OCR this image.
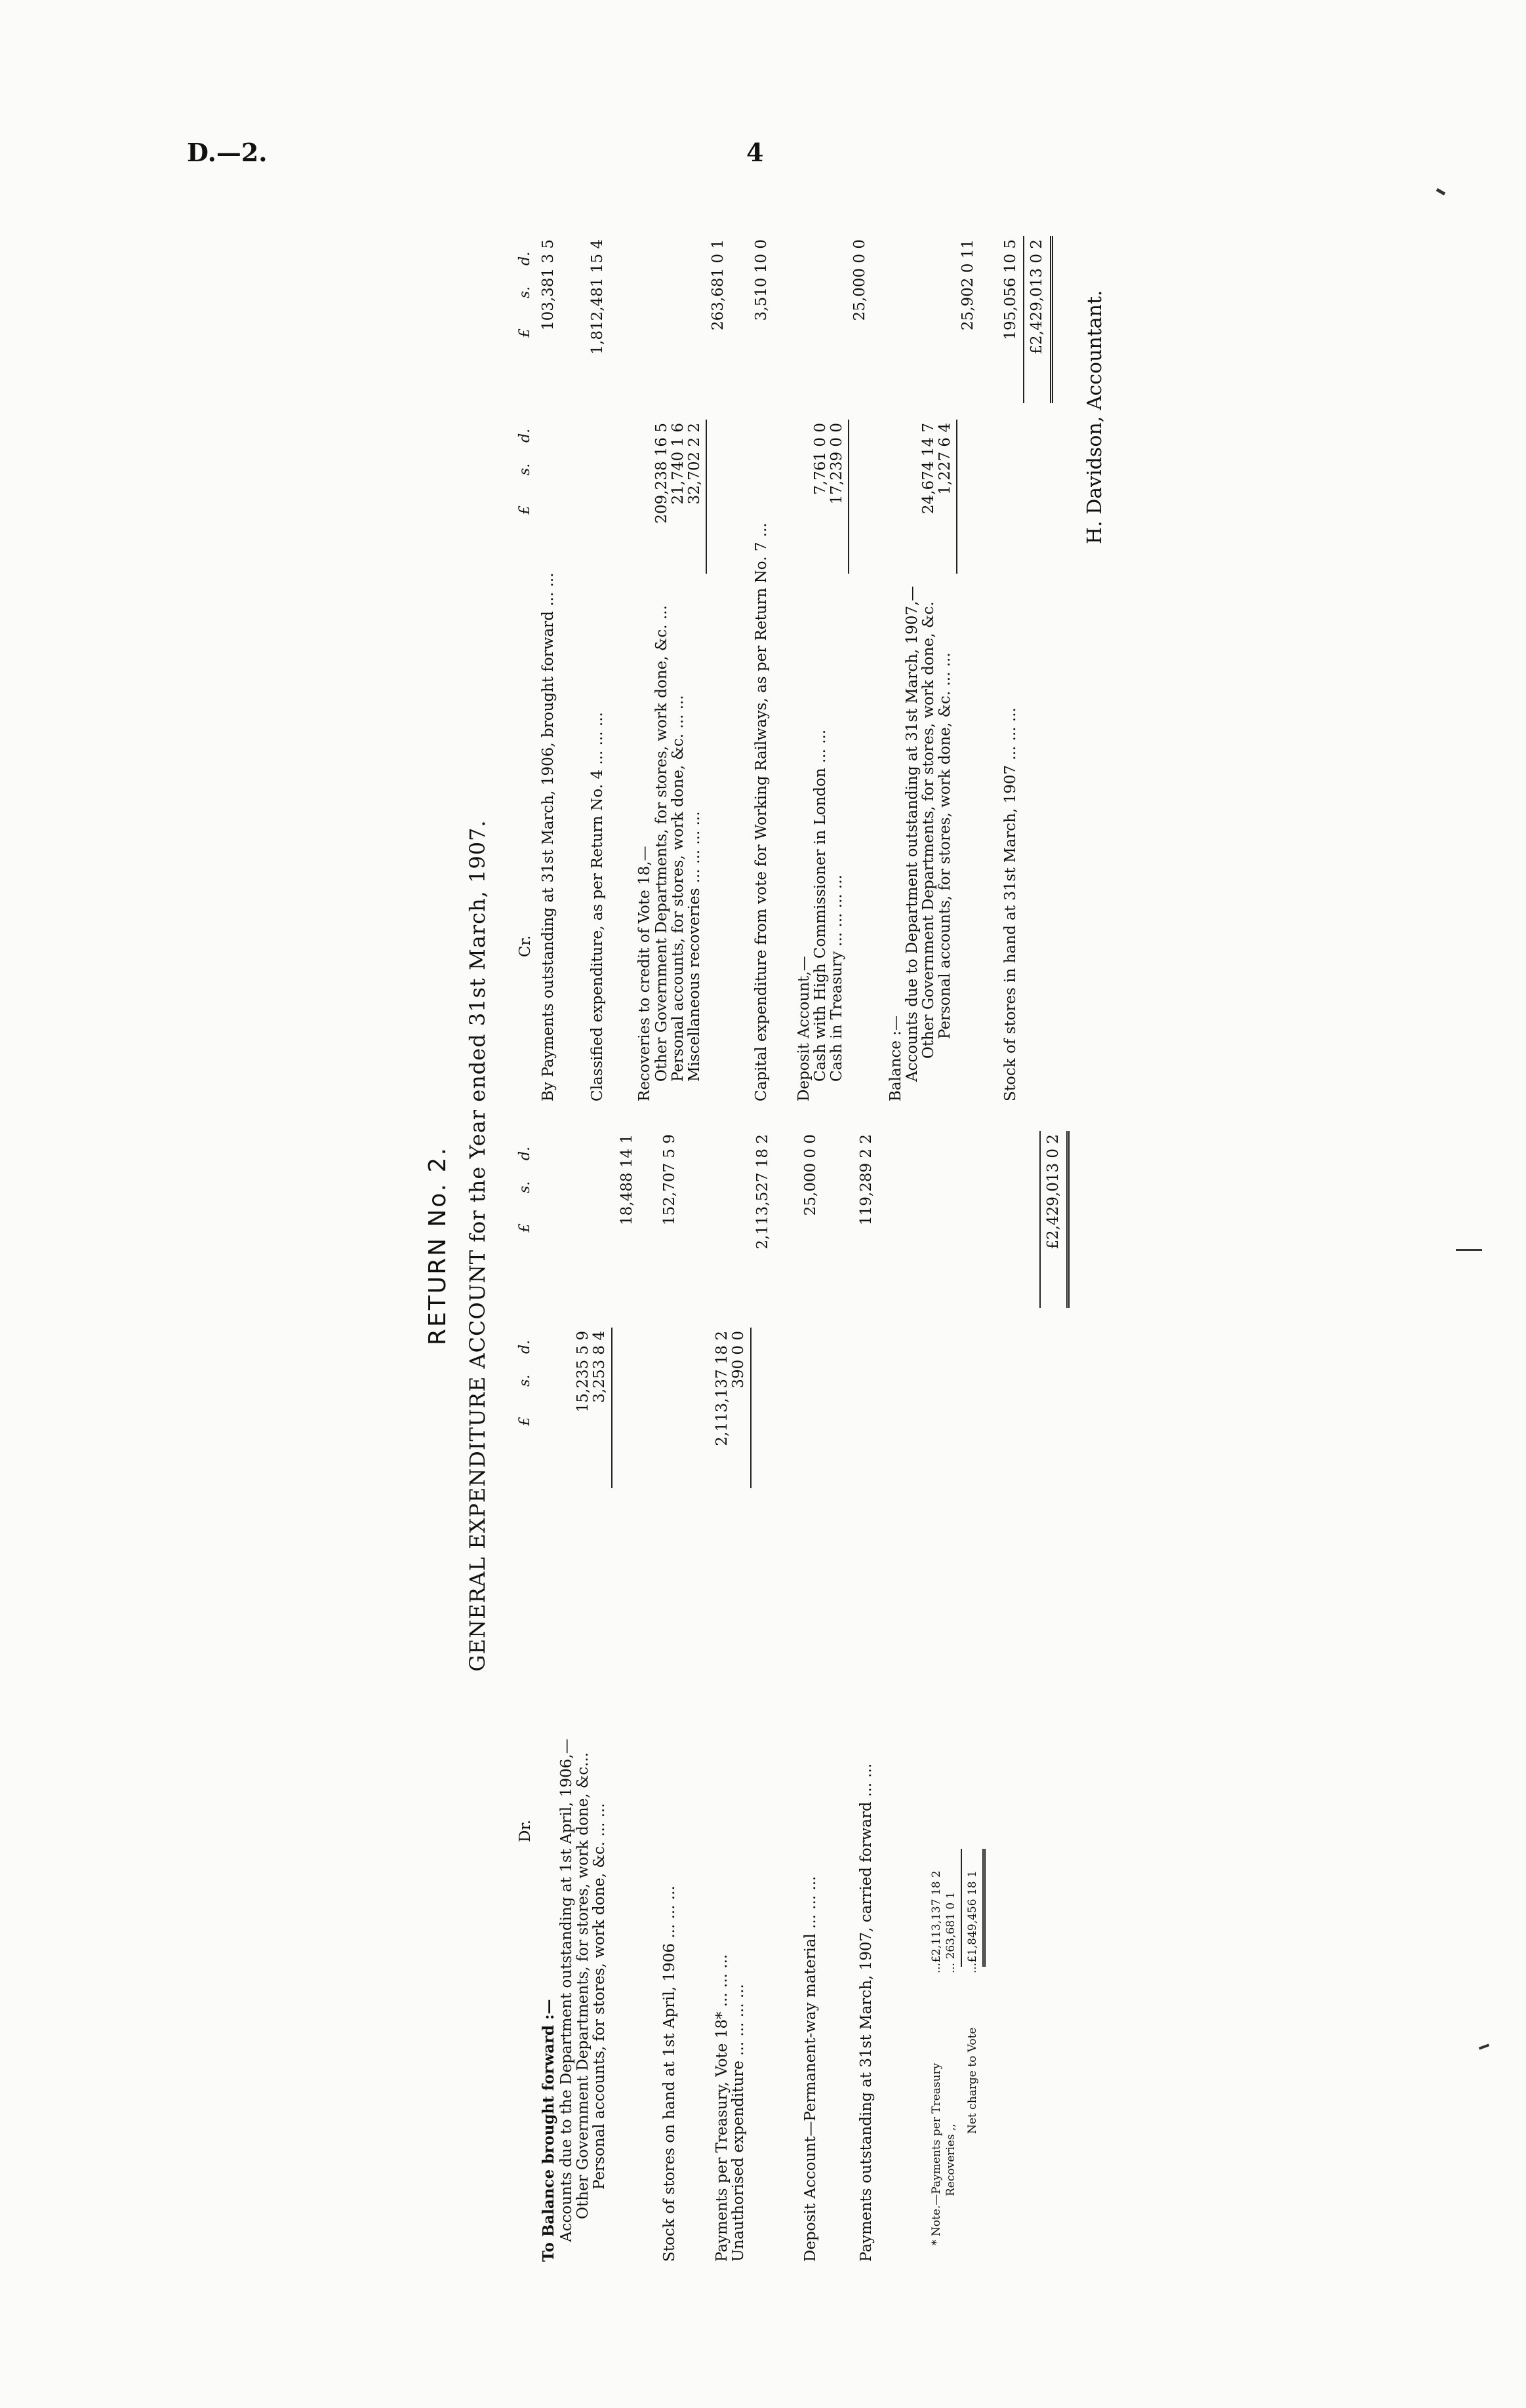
D.—2.	4
RETURN No. 2. GENERAL EXPENDITURE ACCOUNT for the Year ended 31st March, 1907. £
s.
d.
£
s.
d.
£
s.
d.
£
s.
d.
Dr.
To Balance brought forward :— Accounts due to the Department outstanding at 1st April, 1906,— Other Government Departments, for stores, work done, &c... Personal accounts, for stores, work done, &c. ... ...
15,235 5 9 3,253 8 4
18,488 14 1
Stock of stores on hand at 1st April, 1906 ... ... ...
152,707 5 9
Payments per Treasury, Vote 18* ... ... ... Unauthorised expenditure ... ... ... ...
2,113,137 18 2 390 0 0
2,113,527 18 2
Deposit Account—Permanent-way material ... ... ...
25,000 0 0
Payments outstanding at 31st March, 1907, carried forward ... ...
119,289 2 2	£2,429,013 0 2
* Note.—Payments per Treasury
...£2,113,137 18 2
Recoveries ,,
... 263,681 0 1
Net charge to Vote
...£1,849,456 18 1
Cr. By Payments outstanding at 31st March, 1906, brought forward ... ...
103,381 3 5
Classified expenditure, as per Return No. 4 ... ... ...
1,812,481 15 4
Recoveries to credit of Vote 18,— Other Government Departments, for stores, work done, &c. ... Personal accounts, for stores, work done, &c. ... ... Miscellaneous recoveries ... ... ... ...
209,238 16 5 21,740 1 6 32,702 2 2
263,681 0 1
Capital expenditure from vote for Working Railways, as per Return No. 7 ...
3,510 10 0
Deposit Account,— Cash with High Commissioner in London ... ... Cash in Treasury ... ... ... ...
7,761 0 0 17,239 0 0
25,000 0 0
Balance :— Accounts due to Department outstanding at 31st March, 1907,— Other Government Departments, for stores, work done, &c. Personal accounts, for stores, work done, &c. ... ...
24,674 14 7 1,227 6 4
25,902 0 11
Stock of stores in hand at 31st March, 1907 ... ... ...
195,056 10 5 £2,429,013 0 2 H. Davidson, Accountant.
